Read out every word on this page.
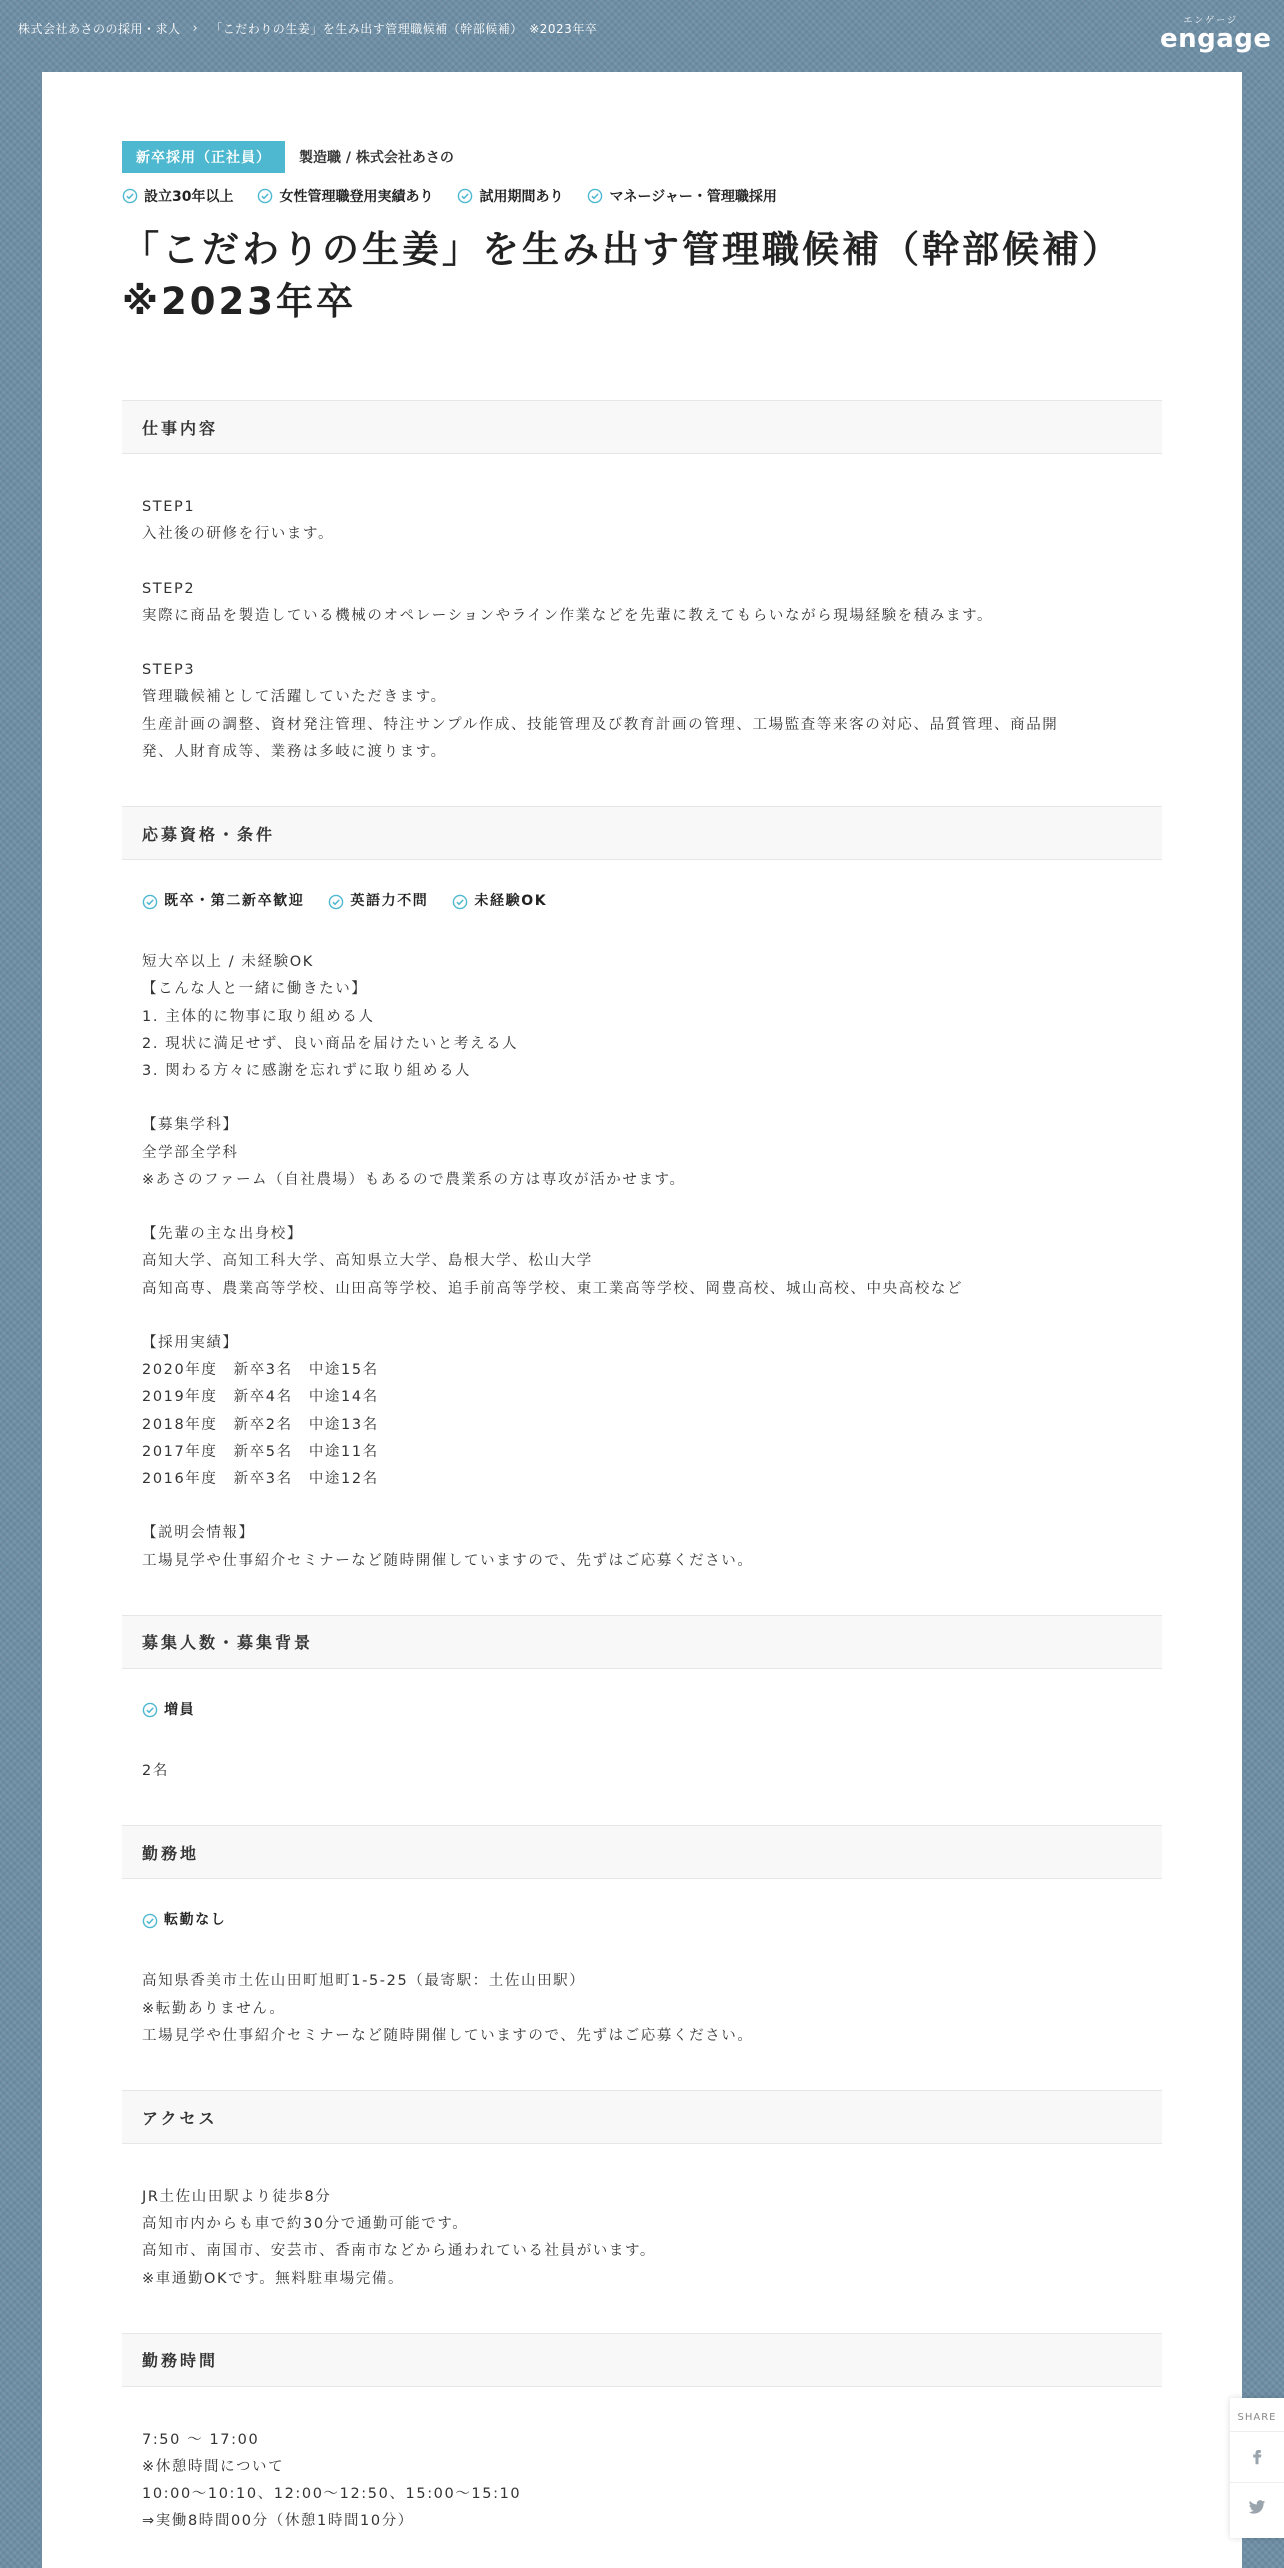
株式会社あさのの採用・求人 › 「こだわりの生姜」を生み出す管理職候補（幹部候補）　※2023年卒
エンゲージ
engage
新卒採用（正社員）	製造職 / 株式会社あさの
設立30年以上	女性管理職登用実績あり	試用期間あり	マネージャー・管理職採用
「こだわりの生姜」を生み出す管理職候補（幹部候補）
※2023年卒
仕事内容
STEP1
入社後の研修を行います。
STEP2
実際に商品を製造している機械のオペレーションやライン作業などを先輩に教えてもらいながら現場経験を積みます。
STEP3
管理職候補として活躍していただきます。
生産計画の調整、資材発注管理、特注サンプル作成、技能管理及び教育計画の管理、工場監査等来客の対応、品質管理、商品開
発、人財育成等、業務は多岐に渡ります。
応募資格・条件
既卒・第二新卒歓迎	英語力不問	未経験OK
短大卒以上 / 未経験OK
【こんな人と一緒に働きたい】
1. 主体的に物事に取り組める人
2. 現状に満足せず、良い商品を届けたいと考える人
3. 関わる方々に感謝を忘れずに取り組める人
【募集学科】
全学部全学科
※あさのファーム（自社農場）もあるので農業系の方は専攻が活かせます。
【先輩の主な出身校】
高知大学、高知工科大学、高知県立大学、島根大学、松山大学
高知高専、農業高等学校、山田高等学校、追手前高等学校、東工業高等学校、岡豊高校、城山高校、中央高校など
【採用実績】
2020年度　新卒3名　中途15名
2019年度　新卒4名　中途14名
2018年度　新卒2名　中途13名
2017年度　新卒5名　中途11名
2016年度　新卒3名　中途12名
【説明会情報】
工場見学や仕事紹介セミナーなど随時開催していますので、先ずはご応募ください。
募集人数・募集背景
増員
2名
勤務地
転勤なし
高知県香美市土佐山田町旭町1-5-25（最寄駅：土佐山田駅）
※転勤ありません。
工場見学や仕事紹介セミナーなど随時開催していますので、先ずはご応募ください。
アクセス
JR土佐山田駅より徒歩8分
高知市内からも車で約30分で通勤可能です。
高知市、南国市、安芸市、香南市などから通われている社員がいます。
※車通勤OKです。無料駐車場完備。
勤務時間
7:50 ～ 17:00
※休憩時間について
10:00～10:10、12:00～12:50、15:00～15:10
⇒実働8時間00分（休憩1時間10分）
SHARE
